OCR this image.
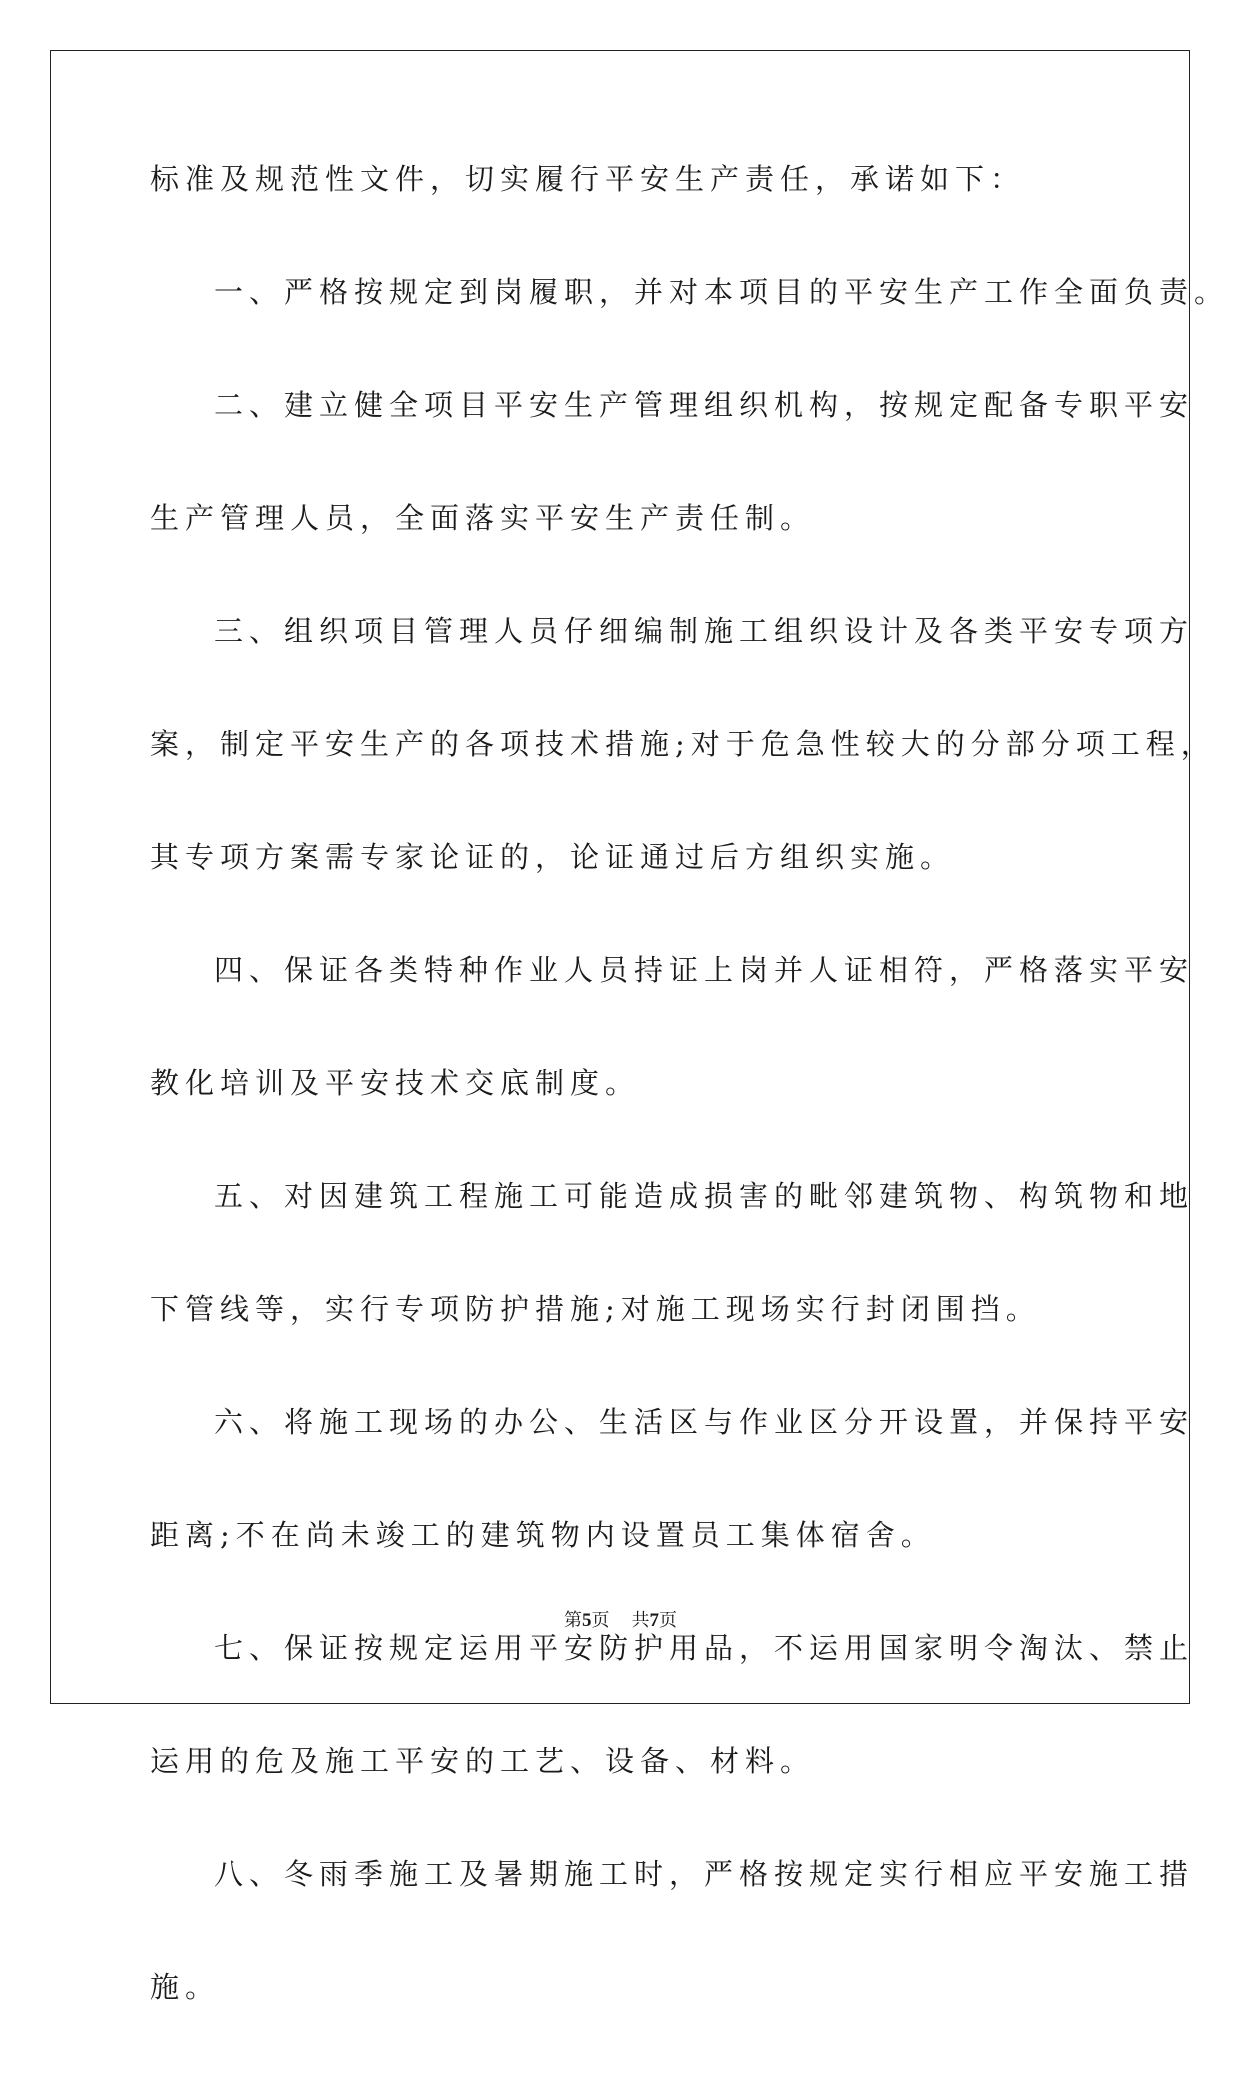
标准及规范性文件，切实履行平安生产责任，承诺如下：
一、严格按规定到岗履职，并对本项目的平安生产工作全面负责。
二、建立健全项目平安生产管理组织机构，按规定配备专职平安
生产管理人员，全面落实平安生产责任制。
三、组织项目管理人员仔细编制施工组织设计及各类平安专项方
案，制定平安生产的各项技术措施;对于危急性较大的分部分项工程，
其专项方案需专家论证的，论证通过后方组织实施。
四、保证各类特种作业人员持证上岗并人证相符，严格落实平安
教化培训及平安技术交底制度。
五、对因建筑工程施工可能造成损害的毗邻建筑物、构筑物和地
下管线等，实行专项防护措施;对施工现场实行封闭围挡。
六、将施工现场的办公、生活区与作业区分开设置，并保持平安
距离;不在尚未竣工的建筑物内设置员工集体宿舍。
七、保证按规定运用平安防护用品，不运用国家明令淘汰、禁止
运用的危及施工平安的工艺、设备、材料。
八、冬雨季施工及暑期施工时，严格按规定实行相应平安施工措
施。
第5页 共7页
